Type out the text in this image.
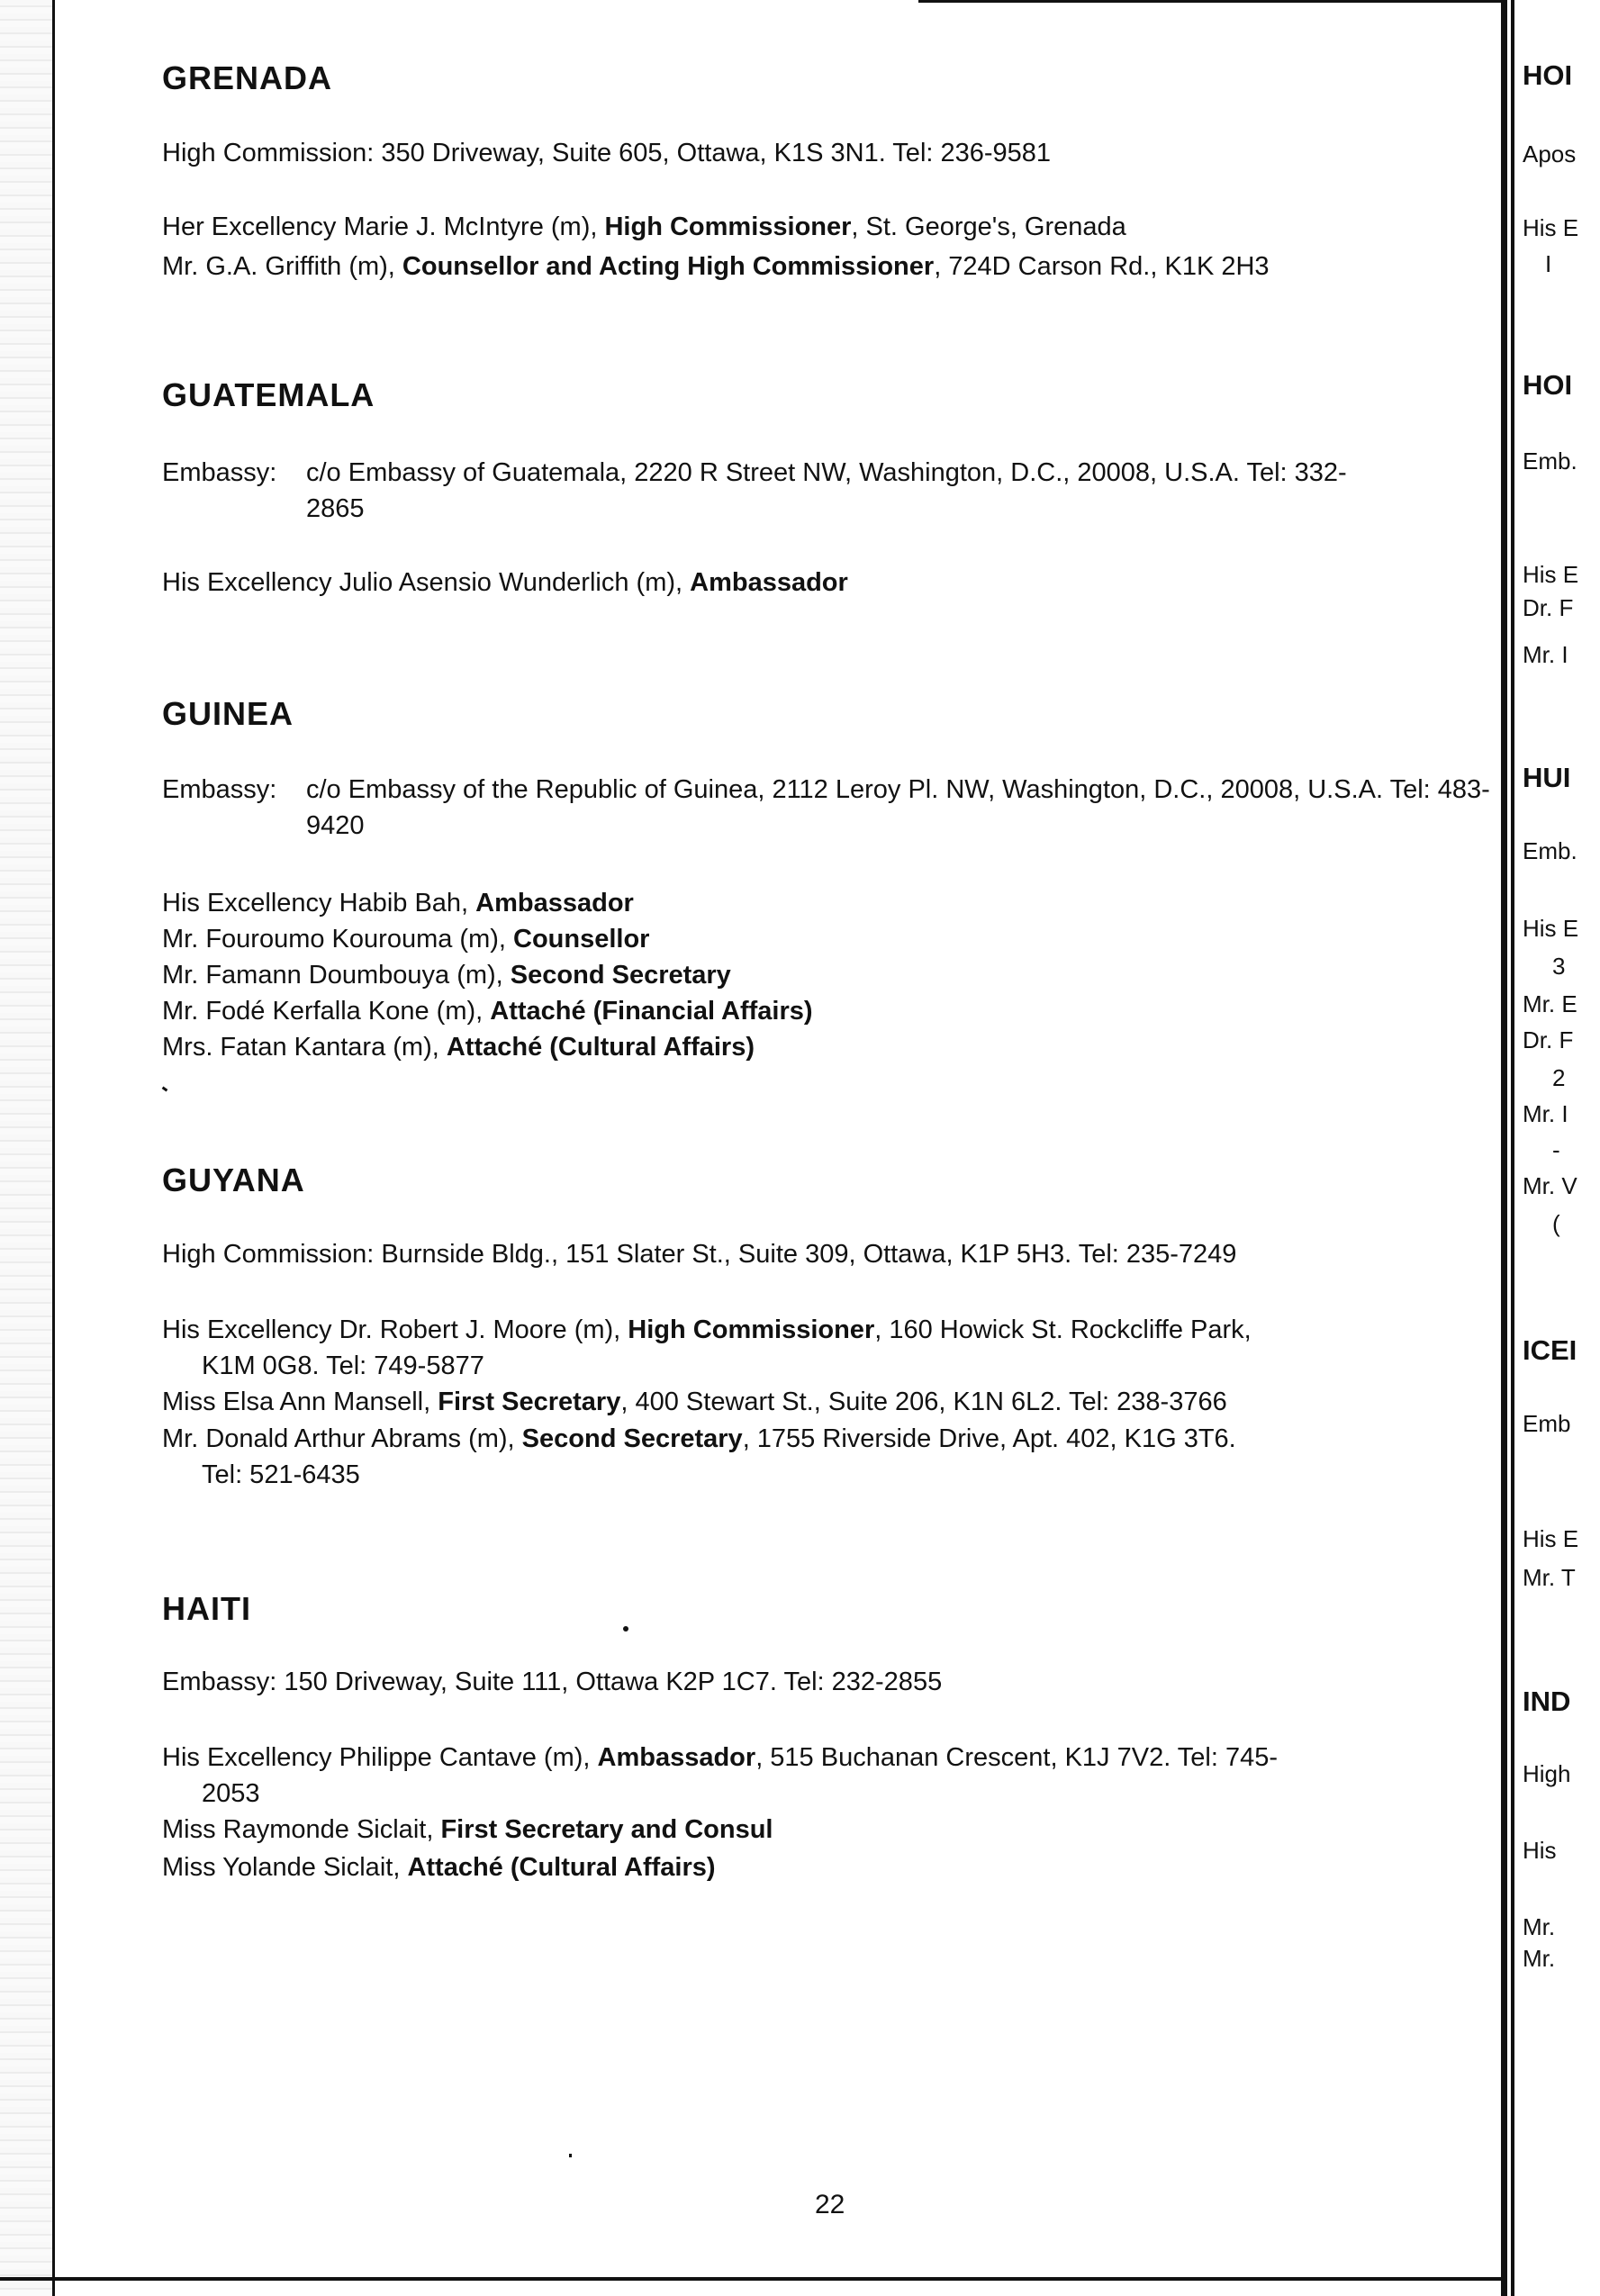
HOI
Apos
His E
I
HOI
Emb.
His E
Dr. F
Mr. I
HUI
Emb.
His E
3
Mr. E
Dr. F
2
Mr. I
-
Mr. V
(
ICEI
Emb
His E
Mr. T
IND
High
His
Mr.
Mr.
GRENADA
High Commission: 350 Driveway, Suite 605, Ottawa, K1S 3N1. Tel: 236-9581
Her Excellency Marie J. McIntyre (m), High Commissioner, St. George's, Grenada
Mr. G.A. Griffith (m), Counsellor and Acting High Commissioner, 724D Carson Rd., K1K 2H3
GUATEMALA
Embassy: c/o Embassy of Guatemala, 2220 R Street NW, Washington, D.C., 20008, U.S.A. Tel: 332-2865
His Excellency Julio Asensio Wunderlich (m), Ambassador
GUINEA
Embassy: c/o Embassy of the Republic of Guinea, 2112 Leroy Pl. NW, Washington, D.C., 20008, U.S.A. Tel: 483-9420
His Excellency Habib Bah, Ambassador
Mr. Fouroumo Kourouma (m), Counsellor
Mr. Famann Doumbouya (m), Second Secretary
Mr. Fodé Kerfalla Kone (m), Attaché (Financial Affairs)
Mrs. Fatan Kantara (m), Attaché (Cultural Affairs)
GUYANA
High Commission: Burnside Bldg., 151 Slater St., Suite 309, Ottawa, K1P 5H3. Tel: 235-7249
His Excellency Dr. Robert J. Moore (m), High Commissioner, 160 Howick St. Rockcliffe Park,
K1M 0G8. Tel: 749-5877
Miss Elsa Ann Mansell, First Secretary, 400 Stewart St., Suite 206, K1N 6L2. Tel: 238-3766
Mr. Donald Arthur Abrams (m), Second Secretary, 1755 Riverside Drive, Apt. 402, K1G 3T6.
Tel: 521-6435
HAITI
Embassy: 150 Driveway, Suite 111, Ottawa K2P 1C7. Tel: 232-2855
His Excellency Philippe Cantave (m), Ambassador, 515 Buchanan Crescent, K1J 7V2. Tel: 745-
2053
Miss Raymonde Siclait, First Secretary and Consul
Miss Yolande Siclait, Attaché (Cultural Affairs)
22
